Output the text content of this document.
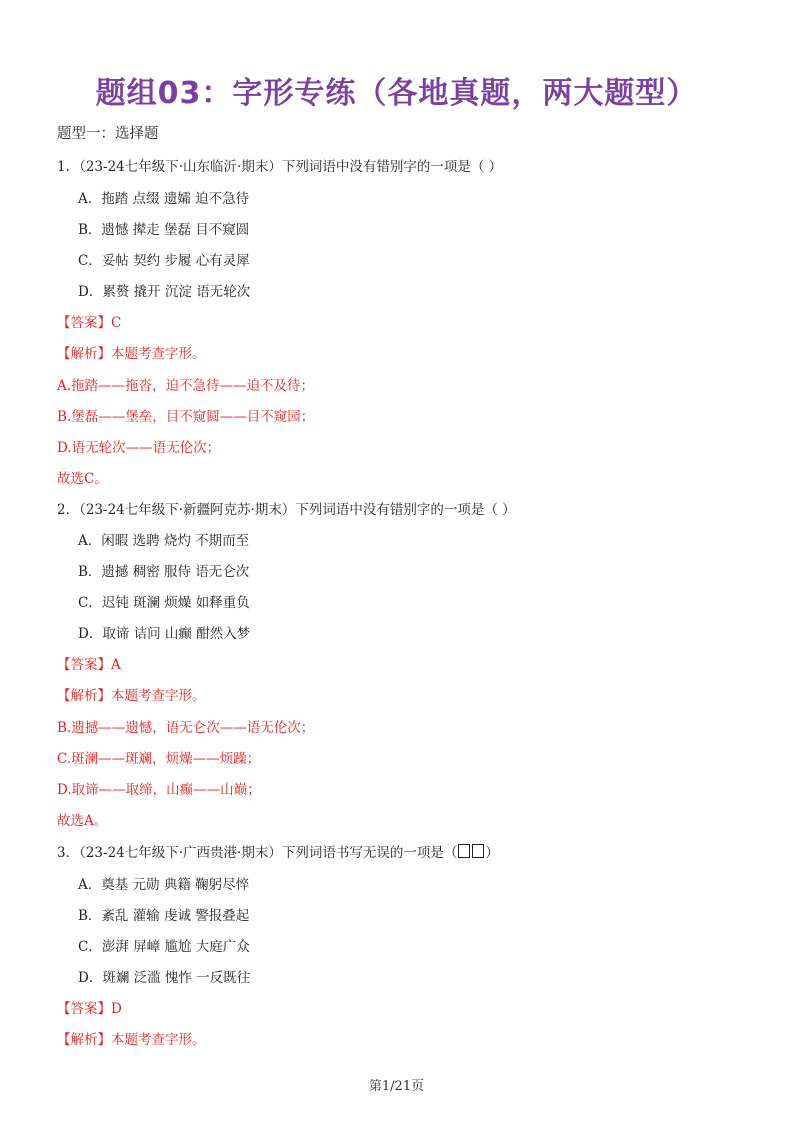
题组03：字形专练（各地真题，两大题型）
题型一：选择题
1．（23-24七年级下·山东临沂·期末）下列词语中没有错别字的一项是（ ）
A．拖踏 点缀 遗孀 迫不急待
B．遗憾 撵走 堡磊 目不窥圆
C．妥帖 契约 步履 心有灵犀
D．累赘 撬开 沉淀 语无轮次
【答案】C
【解析】本题考查字形。
A.拖踏——拖沓，迫不急待——迫不及待；
B.堡磊——堡垒，目不窥圆——目不窥园；
D.语无轮次——语无伦次；
故选C。
2．（23-24七年级下·新疆阿克苏·期末）下列词语中没有错别字的一项是（ ）
A．闲暇 选聘 烧灼 不期而至
B．遗撼 稠密 服侍 语无仑次
C．迟钝 斑澜 烦燥 如释重负
D．取谛 诘问 山癫 酣然入梦
【答案】A
【解析】本题考查字形。
B.遗撼——遗憾，语无仑次——语无伦次；
C.斑澜——斑斓，烦燥——烦躁；
D.取谛——取缔，山癫——山巅；
故选A。
3．（23-24七年级下·广西贵港·期末）下列词语书写无误的一项是（ ）
A．奠基 元勋 典籍 鞠躬尽悴
B．紊乱 灌输 虔诚 警报叠起
C．澎湃 屏嶂 尴尬 大庭广众
D．斑斓 泛滥 愧怍 一反既往
【答案】D
【解析】本题考查字形。
第1/21页
